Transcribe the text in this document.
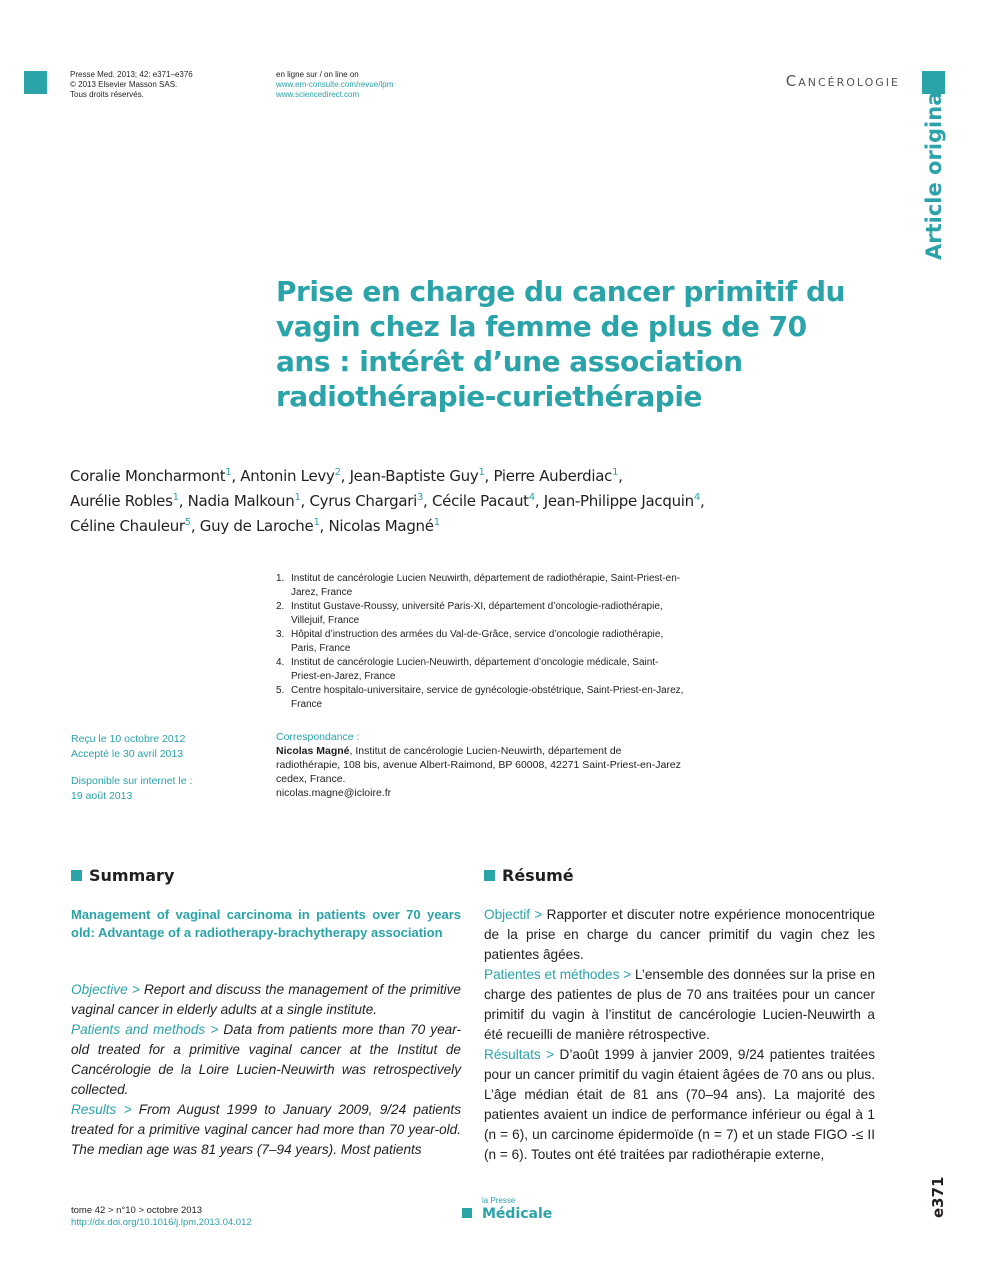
Presse Med. 2013; 42: e371–e376
© 2013 Elsevier Masson SAS.
Tous droits réservés.
en ligne sur / on line on
www.em-consulte.com/revue/lpm
www.sciencedirect.com
Cancérologie
Article original
Prise en charge du cancer primitif du vagin chez la femme de plus de 70 ans : intérêt d’une association radiothérapie-curiethérapie
Coralie Moncharmont$^1$, Antonin Levy$^2$, Jean-Baptiste Guy$^1$, Pierre Auberdiac$^1$,
Aurélie Robles$^1$, Nadia Malkoun$^1$, Cyrus Chargari$^3$, Cécile Pacaut$^4$, Jean-Philippe Jacquin$^4$,
Céline Chauleur$^5$, Guy de Laroche$^1$, Nicolas Magné$^1$
1. Institut de cancérologie Lucien Neuwirth, département de radiothérapie, Saint-Priest-en-Jarez, France
2. Institut Gustave-Roussy, université Paris-XI, département d’oncologie-radiothérapie, Villejuif, France
3. Hôpital d’instruction des armées du Val-de-Grâce, service d’oncologie radiothérapie, Paris, France
4. Institut de cancérologie Lucien-Neuwirth, département d’oncologie médicale, Saint-Priest-en-Jarez, France
5. Centre hospitalo-universitaire, service de gynécologie-obstétrique, Saint-Priest-en-Jarez, France
Reçu le 10 octobre 2012
Accepté le 30 avril 2013
Disponible sur internet le :
19 août 2013
Correspondance :
Nicolas Magné, Institut de cancérologie Lucien-Neuwirth, département de radiothérapie, 108 bis, avenue Albert-Raimond, BP 60008, 42271 Saint-Priest-en-Jarez cedex, France.
nicolas.magne@icloire.fr
Summary
Management of vaginal carcinoma in patients over 70 years old: Advantage of a radiotherapy-brachytherapy association
Objective > Report and discuss the management of the primitive vaginal cancer in elderly adults at a single institute.
Patients and methods > Data from patients more than 70 year-old treated for a primitive vaginal cancer at the Institut de Cancérologie de la Loire Lucien-Neuwirth was retrospectively collected.
Results > From August 1999 to January 2009, 9/24 patients treated for a primitive vaginal cancer had more than 70 year-old. The median age was 81 years (7–94 years). Most patients
Résumé
Objectif > Rapporter et discuter notre expérience monocentrique de la prise en charge du cancer primitif du vagin chez les patientes âgées.
Patientes et méthodes > L’ensemble des données sur la prise en charge des patientes de plus de 70 ans traitées pour un cancer primitif du vagin à l’institut de cancérologie Lucien-Neuwirth a été recueilli de manière rétrospective.
Résultats > D’août 1999 à janvier 2009, 9/24 patientes traitées pour un cancer primitif du vagin étaient âgées de 70 ans ou plus. L’âge médian était de 81 ans (70–94 ans). La majorité des patientes avaient un indice de performance inférieur ou égal à 1 (n = 6), un carcinome épidermoïde (n = 7) et un stade FIGO -≤ II (n = 6). Toutes ont été traitées par radiothérapie externe,
tome 42 > n°10 > octobre 2013
http://dx.doi.org/10.1016/j.lpm.2013.04.012
la Presse
Médicale	e371
